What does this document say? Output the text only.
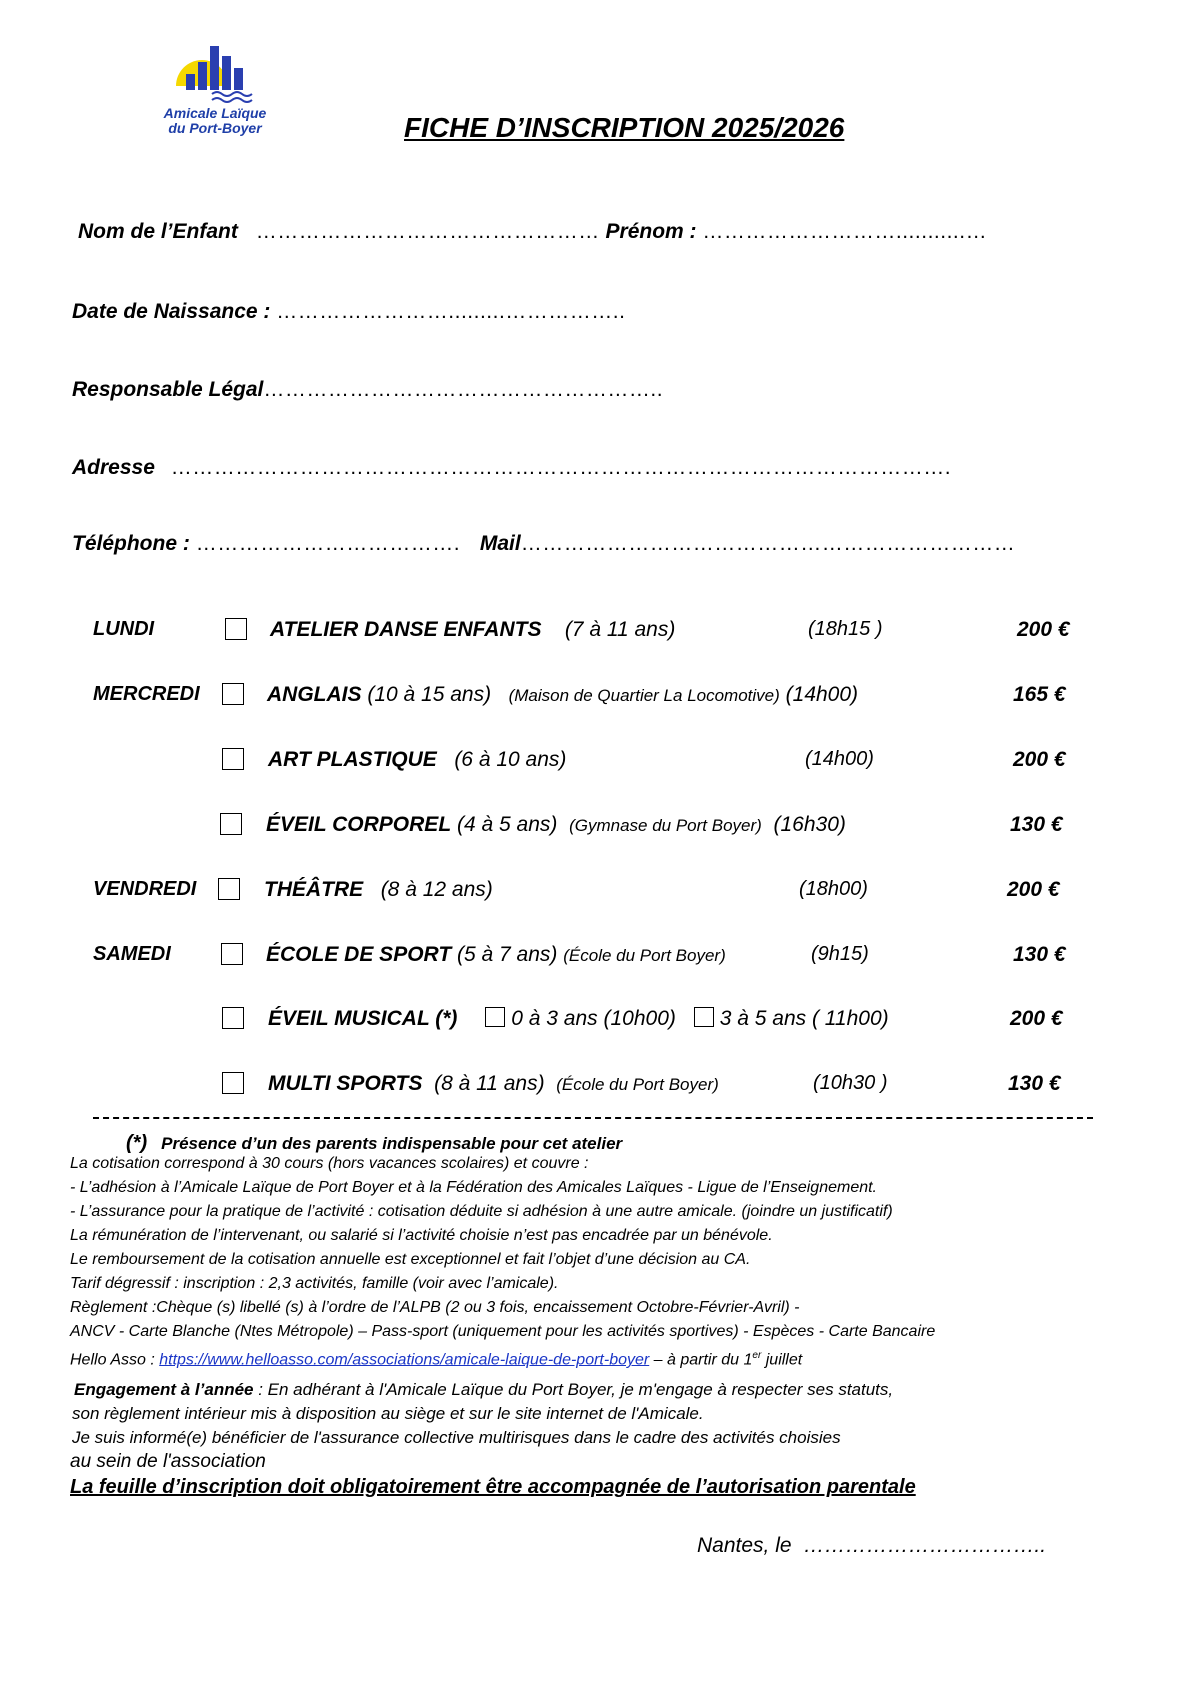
Amicale Laïque
du Port-Boyer	FICHE D’INSCRIPTION 2025/2026
Nom de l’Enfant ………………………………………… Prénom : ………………………...........…
Date de Naissance : …………………….........……………..
Responsable Légal………………………………………………..
Adresse ……………………………………………………………………………………………….
Téléphone : ………………………………. Mail……………………………………………………………
LUNDI	ATELIER DANSE ENFANTS (7 à 11 ans)	(18h15 )	200 €
MERCREDI	ANGLAIS (10 à 15 ans) (Maison de Quartier La Locomotive) (14h00)	165 €
ART PLASTIQUE (6 à 10 ans)	(14h00)	200 €
ÉVEIL CORPOREL (4 à 5 ans) (Gymnase du Port Boyer) (16h30)	130 €
VENDREDI	THÉÂTRE (8 à 12 ans)	(18h00)	200 €
SAMEDI	ÉCOLE DE SPORT (5 à 7 ans) (École du Port Boyer)	(9h15)	130 €
ÉVEIL MUSICAL (*)	0 à 3 ans (10h00) 3 à 5 ans ( 11h00)	200 €
MULTI SPORTS (8 à 11 ans) (École du Port Boyer)	(10h30 )	130 €
(*) Présence d’un des parents indispensable pour cet atelier
La cotisation correspond à 30 cours (hors vacances scolaires) et couvre :
- L’adhésion à l’Amicale Laïque de Port Boyer et à la Fédération des Amicales Laïques - Ligue de l’Enseignement.
- L’assurance pour la pratique de l’activité : cotisation déduite si adhésion à une autre amicale. (joindre un justificatif)
La rémunération de l’intervenant, ou salarié si l’activité choisie n’est pas encadrée par un bénévole.
Le remboursement de la cotisation annuelle est exceptionnel et fait l’objet d’une décision au CA.
Tarif dégressif : inscription : 2,3 activités, famille (voir avec l’amicale).
Règlement :Chèque (s) libellé (s) à l’ordre de l’ALPB (2 ou 3 fois, encaissement Octobre-Février-Avril) -
ANCV - Carte Blanche (Ntes Métropole) – Pass-sport (uniquement pour les activités sportives) - Espèces - Carte Bancaire
Hello Asso : https://www.helloasso.com/associations/amicale-laique-de-port-boyer – à partir du 1er juillet
Engagement à l’année : En adhérant à l'Amicale Laïque du Port Boyer, je m'engage à respecter ses statuts,
son règlement intérieur mis à disposition au siège et sur le site internet de l'Amicale.
Je suis informé(e) bénéficier de l'assurance collective multirisques dans le cadre des activités choisies
au sein de l'association
La feuille d’inscription doit obligatoirement être accompagnée de l’autorisation parentale
Nantes, le ……………………………..
